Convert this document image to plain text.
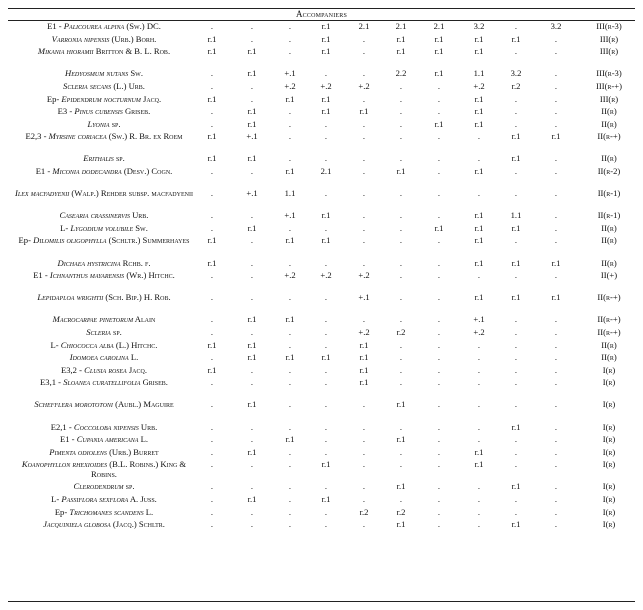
Accompaniers
E1 - Palicourea alpina (Sw.) DC.	.	.	.	r.1	2.1	2.1	2.1	3.2	.	3.2	III(r-3)
Varronia nipensis (Urb.) Borh.	r.1	.	.	r.1	.	r.1	r.1	r.1	r.1	.	III(r)
Mikania hioramii Britton & B. L. Rob.	r.1	r.1	.	r.1	.	r.1	r.1	r.1	.	.	III(r)
Hedyosmum nutans Sw.	.	r.1	+.1	.	.	2.2	r.1	1.1	3.2	.	III(r-3)
Scleria secans (L.) Urb.	.	.	+.2	+.2	+.2	.	.	+.2	r.2	.	III(r-+)
Ep- Epidendrum nocturnum Jacq.	r.1	.	r.1	r.1	.	.	.	r.1	.	.	III(r)
E3 - Pinus cubensis Griseb.	.	r.1	.	r.1	r.1	.	.	r.1	.	.	II(r)
Lyonia sp.	.	r.1	.	.	.	.	r.1	r.1	.	.	II(r)
E2,3 - Myrsine coriacea (Sw.) R. Br. ex Roem	r.1	+.1	.	.	.	.	.	.	r.1	r.1	II(r-+)
Erithalis sp.	r.1	r.1	.	.	.	.	.	.	r.1	.	II(r)
E1 - Miconia dodecandra (Desv.) Cogn.	.	.	r.1	2.1	.	r.1	.	r.1	.	.	II(r-2)
Ilex macfadyenii (Walp.) Rehder subsp. macfadyenii	.	+.1	1.1	.	.	.	.	.	.	.	II(r-1)
Casearia crassinervis Urb.	.	.	+.1	r.1	.	.	.	r.1	1.1	.	II(r-1)
L- Lygodium volubile Sw.	.	r.1	.	.	.	.	r.1	r.1	r.1	.	II(r)
Ep- Dilomilis oligophylla (Schltr.) Summerhayes	r.1	.	r.1	r.1	.	.	.	r.1	.	.	II(r)
Dichaea hystricina Rchb. f.	r.1	.	.	.	.	.	.	r.1	r.1	r.1	II(r)
E1 - Ichnanthus mayarensis (Wr.) Hitchc.	.	.	+.2	+.2	+.2	.	.	.	.	.	II(+)
Lepidaploa wrightii (Sch. Bip.) H. Rob.	.	.	.	.	+.1	.	.	r.1	r.1	r.1	II(r-+)
Macrocarpae pinetorum Alain	.	r.1	r.1	.	.	.	.	+.1	.	.	II(r-+)
Scleria sp.	.	.	.	.	+.2	r.2	.	+.2	.	.	II(r-+)
L- Chiococca alba (L.) Hitchc.	r.1	r.1	.	.	r.1	.	.	.	.	.	II(r)
Idomoea carolina L.	.	r.1	r.1	r.1	r.1	.	.	.	.	.	II(r)
E3,2 - Clusia rosea Jacq.	r.1	.	.	.	r.1	.	.	.	.	.	I(r)
E3,1 - Sloanea curatellifolia Griseb.	.	.	.	.	r.1	.	.	.	.	.	I(r)
Schefflera morototoni (Aubl.) Maguire	.	r.1	.	.	.	r.1	.	.	.	.	I(r)
E2,1 - Coccoloba nipensis Urb.	.	.	.	.	.	.	.	.	r.1	.	I(r)
E1 - Cupania americana L.	.	.	r.1	.	.	r.1	.	.	.	.	I(r)
Pimenta odiolens (Urb.) Burret	.	r.1	.	.	.	.	.	r.1	.	.	I(r)
Koanophyllon rhexioides (B.L. Robins.) King & Robins.
.	.	.	r.1	.	.	.	r.1	.	.	I(r)
Clerodendrum sp.	.	.	.	.	.	r.1	.	.	r.1	.	I(r)
L- Passiflora sexflora A. Juss.	.	r.1	.	r.1	.	.	.	.	.	.	I(r)
Ep- Trichomanes scandens L.	.	.	.	.	r.2	r.2	.	.	.	.	I(r)
Jacquiniela globosa (Jacq.) Schltr.	.	.	.	.	.	r.1	.	.	r.1	.	I(r)
